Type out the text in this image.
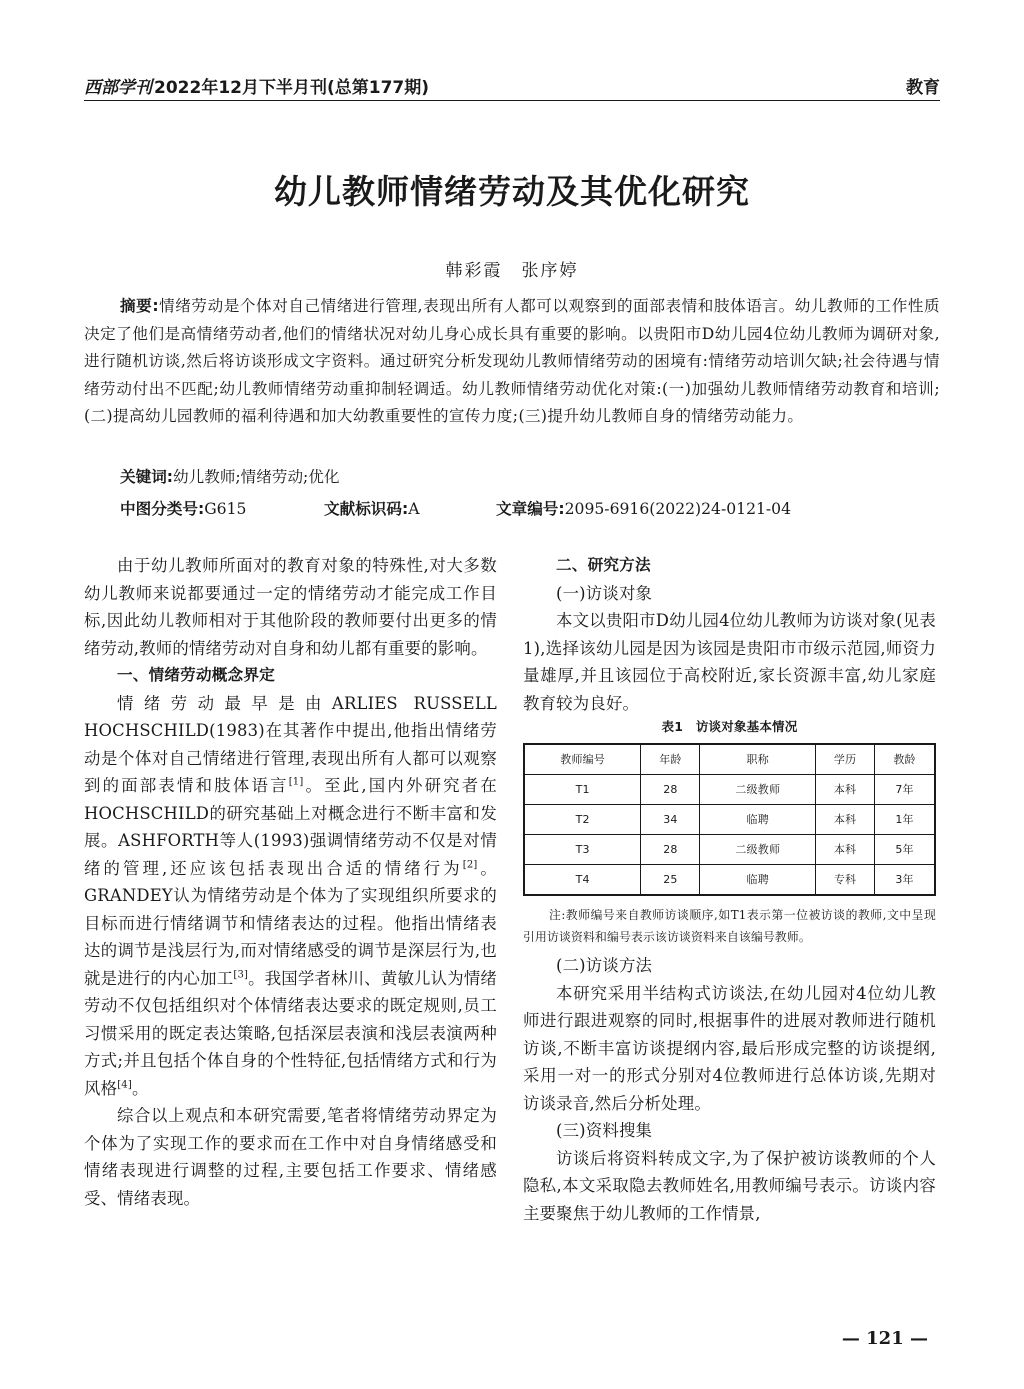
西部学刊 2022年12月下半月刊(总第177期)	教育
幼儿教师情绪劳动及其优化研究
韩彩霞　张序婷
摘要:情绪劳动是个体对自己情绪进行管理,表现出所有人都可以观察到的面部表情和肢体语言。幼儿教师的工作性质决定了他们是高情绪劳动者,他们的情绪状况对幼儿身心成长具有重要的影响。以贵阳市D幼儿园4位幼儿教师为调研对象,进行随机访谈,然后将访谈形成文字资料。通过研究分析发现幼儿教师情绪劳动的困境有:情绪劳动培训欠缺;社会待遇与情绪劳动付出不匹配;幼儿教师情绪劳动重抑制轻调适。幼儿教师情绪劳动优化对策:(一)加强幼儿教师情绪劳动教育和培训;(二)提高幼儿园教师的福利待遇和加大幼教重要性的宣传力度;(三)提升幼儿教师自身的情绪劳动能力。
关键词:幼儿教师;情绪劳动;优化
中图分类号:G615	文献标识码:A	文章编号:2095-6916(2022)24-0121-04

由于幼儿教师所面对的教育对象的特殊性,对大多数幼儿教师来说都要通过一定的情绪劳动才能完成工作目标,因此幼儿教师相对于其他阶段的教师要付出更多的情绪劳动,教师的情绪劳动对自身和幼儿都有重要的影响。

一、情绪劳动概念界定

情绪劳动最早是由ARLIES RUSSELL HOCHSCHILD(1983)在其著作中提出,他指出情绪劳动是个体对自己情绪进行管理,表现出所有人都可以观察到的面部表情和肢体语言[1]。至此,国内外研究者在HOCHSCHILD的研究基础上对概念进行不断丰富和发展。ASHFORTH等人(1993)强调情绪劳动不仅是对情绪的管理,还应该包括表现出合适的情绪行为[2]。GRANDEY认为情绪劳动是个体为了实现组织所要求的目标而进行情绪调节和情绪表达的过程。他指出情绪表达的调节是浅层行为,而对情绪感受的调节是深层行为,也就是进行的内心加工[3]。我国学者林川、黄敏儿认为情绪劳动不仅包括组织对个体情绪表达要求的既定规则,员工习惯采用的既定表达策略,包括深层表演和浅层表演两种方式;并且包括个体自身的个性特征,包括情绪方式和行为风格[4]。

综合以上观点和本研究需要,笔者将情绪劳动界定为个体为了实现工作的要求而在工作中对自身情绪感受和情绪表现进行调整的过程,主要包括工作要求、情绪感受、情绪表现。

二、研究方法

(一)访谈对象

本文以贵阳市D幼儿园4位幼儿教师为访谈对象(见表1),选择该幼儿园是因为该园是贵阳市市级示范园,师资力量雄厚,并且该园位于高校附近,家长资源丰富,幼儿家庭教育较为良好。

表1　访谈对象基本情况
教师编号	年龄	职称	学历	教龄
T1	28	二级教师	本科	7年
T2	34	临聘	本科	1年
T3	28	二级教师	本科	5年
T4	25	临聘	专科	3年
注:教师编号来自教师访谈顺序,如T1表示第一位被访谈的教师,文中呈现引用访谈资料和编号表示该访谈资料来自该编号教师。

(二)访谈方法

本研究采用半结构式访谈法,在幼儿园对4位幼儿教师进行跟进观察的同时,根据事件的进展对教师进行随机访谈,不断丰富访谈提纲内容,最后形成完整的访谈提纲,采用一对一的形式分别对4位教师进行总体访谈,先期对访谈录音,然后分析处理。

(三)资料搜集

访谈后将资料转成文字,为了保护被访谈教师的个人隐私,本文采取隐去教师姓名,用教师编号表示。访谈内容主要聚焦于幼儿教师的工作情景,

— 121 —
